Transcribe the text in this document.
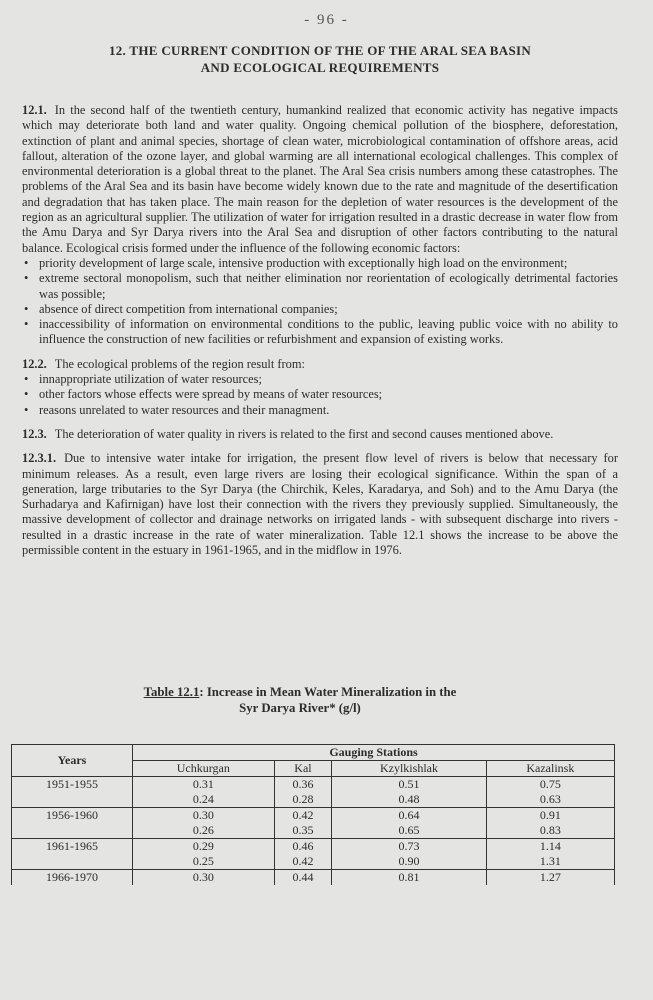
- 96 -
12. THE CURRENT CONDITION OF THE OF THE ARAL SEA BASIN
AND ECOLOGICAL REQUIREMENTS

12.1. In the second half of the twentieth century, humankind realized that economic activity has negative impacts which may deteriorate both land and water quality. Ongoing chemical pollution of the biosphere, deforestation, extinction of plant and animal species, shortage of clean water, microbiological contamination of offshore areas, acid fallout, alteration of the ozone layer, and global warming are all international ecological challenges. This complex of environmental deterioration is a global threat to the planet. The Aral Sea crisis numbers among these catastrophes. The problems of the Aral Sea and its basin have become widely known due to the rate and magnitude of the desertification and degradation that has taken place. The main reason for the depletion of water resources is the development of the region as an agricultural supplier. The utilization of water for irrigation resulted in a drastic decrease in water flow from the Amu Darya and Syr Darya rivers into the Aral Sea and disruption of other factors contributing to the natural balance. Ecological crisis formed under the influence of the following economic factors:

• priority development of large scale, intensive production with exceptionally high load on the environment;
• extreme sectoral monopolism, such that neither elimination nor reorientation of ecologically detrimental factories was possible;
• absence of direct competition from international companies;
• inaccessibility of information on environmental conditions to the public, leaving public voice with no ability to influence the construction of new facilities or refurbishment and expansion of existing works.

12.2. The ecological problems of the region result from:

• innappropriate utilization of water resources;
• other factors whose effects were spread by means of water resources;
• reasons unrelated to water resources and their managment.

12.3. The deterioration of water quality in rivers is related to the first and second causes mentioned above.

12.3.1. Due to intensive water intake for irrigation, the present flow level of rivers is below that necessary for minimum releases. As a result, even large rivers are losing their ecological significance. Within the span of a generation, large tributaries to the Syr Darya (the Chirchik, Keles, Karadarya, and Soh) and to the Amu Darya (the Surhadarya and Kafirnigan) have lost their connection with the rivers they previously supplied. Simultaneously, the massive development of collector and drainage networks on irrigated lands - with subsequent discharge into rivers - resulted in a drastic increase in the rate of water mineralization. Table 12.1 shows the increase to be above the permissible content in the estuary in 1961-1965, and in the midflow in 1976.

Table 12.1: Increase in Mean Water Mineralization in the
Syr Darya River* (g/l)
Years	Gauging Stations			
	Uchkurgan	Kal	Kzylkishlak	Kazalinsk
1951-1955	0.31	0.36	0.51	0.75
	0.24	0.28	0.48	0.63
1956-1960	0.30	0.42	0.64	0.91
	0.26	0.35	0.65	0.83
1961-1965	0.29	0.46	0.73	1.14
	0.25	0.42	0.90	1.31
1966-1970	0.30	0.44	0.81	1.27
